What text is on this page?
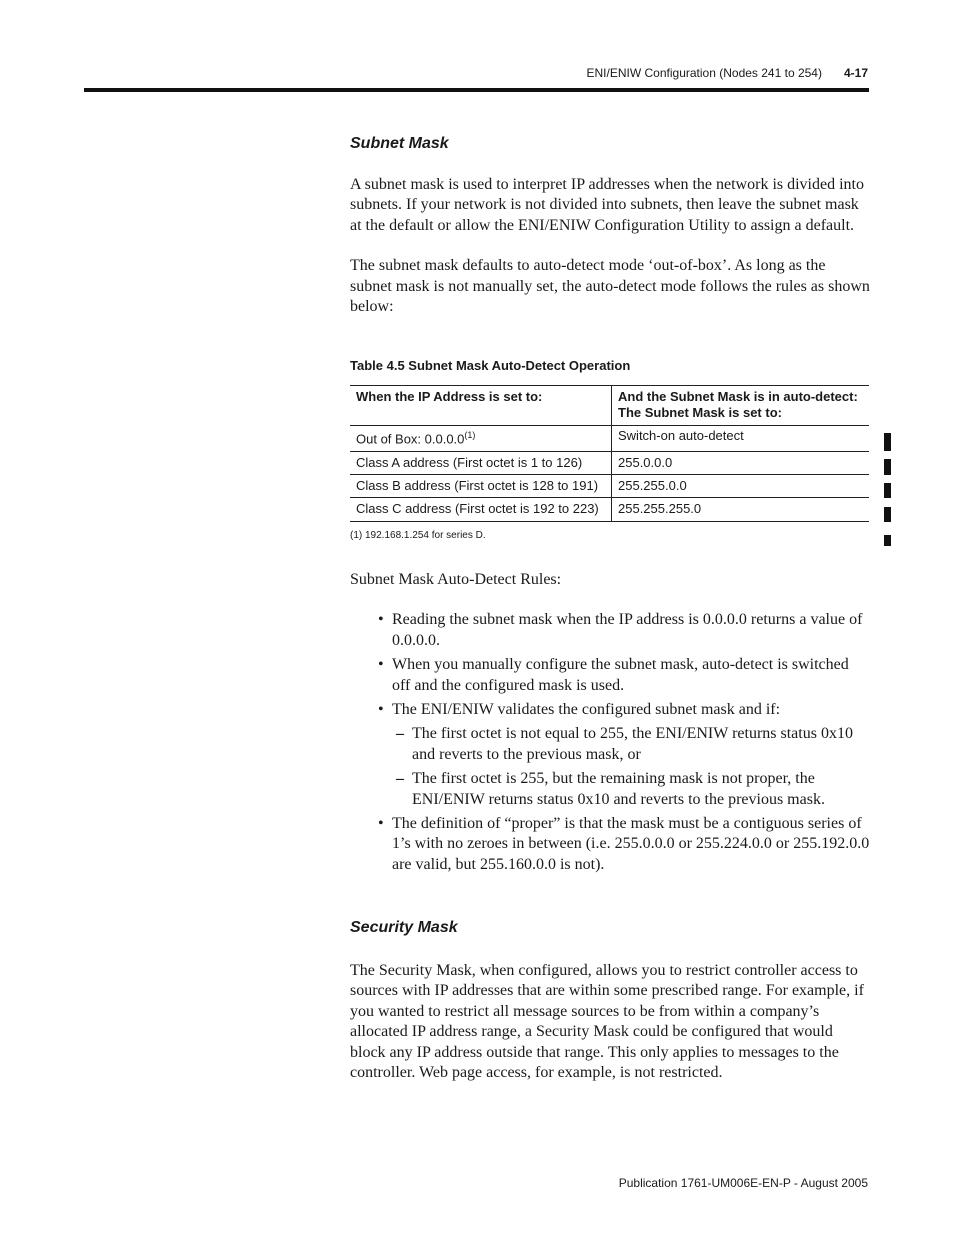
ENI/ENIW Configuration (Nodes 241 to 254) 4-17
Subnet Mask

A subnet mask is used to interpret IP addresses when the network is divided into subnets. If your network is not divided into subnets, then leave the subnet mask at the default or allow the ENI/ENIW Configuration Utility to assign a default.

The subnet mask defaults to auto-detect mode ‘out-of-box’. As long as the subnet mask is not manually set, the auto-detect mode follows the rules as shown below:

Table 4.5 Subnet Mask Auto-Detect Operation

When the IP Address is set to:	And the Subnet Mask is in auto-detect:
The Subnet Mask is set to:
Out of Box: 0.0.0.0$^{(1)}$	Switch-on auto-detect
Class A address (First octet is 1 to 126)	255.0.0.0
Class B address (First octet is 128 to 191)	255.255.0.0
Class C address (First octet is 192 to 223)	255.255.255.0
(1) 192.168.1.254 for series D.

Subnet Mask Auto-Detect Rules:

• Reading the subnet mask when the IP address is 0.0.0.0 returns a value of 0.0.0.0.
• When you manually configure the subnet mask, auto-detect is switched off and the configured mask is used.
• The ENI/ENIW validates the configured subnet mask and if:
– The first octet is not equal to 255, the ENI/ENIW returns status 0x10 and reverts to the previous mask, or
– The first octet is 255, but the remaining mask is not proper, the ENI/ENIW returns status 0x10 and reverts to the previous mask.
• The definition of “proper” is that the mask must be a contiguous series of 1’s with no zeroes in between (i.e. 255.0.0.0 or 255.224.0.0 or 255.192.0.0 are valid, but 255.160.0.0 is not).
Security Mask

The Security Mask, when configured, allows you to restrict controller access to sources with IP addresses that are within some prescribed range. For example, if you wanted to restrict all message sources to be from within a company’s allocated IP address range, a Security Mask could be configured that would block any IP address outside that range. This only applies to messages to the controller. Web page access, for example, is not restricted.

Publication 1761-UM006E-EN-P - August 2005
